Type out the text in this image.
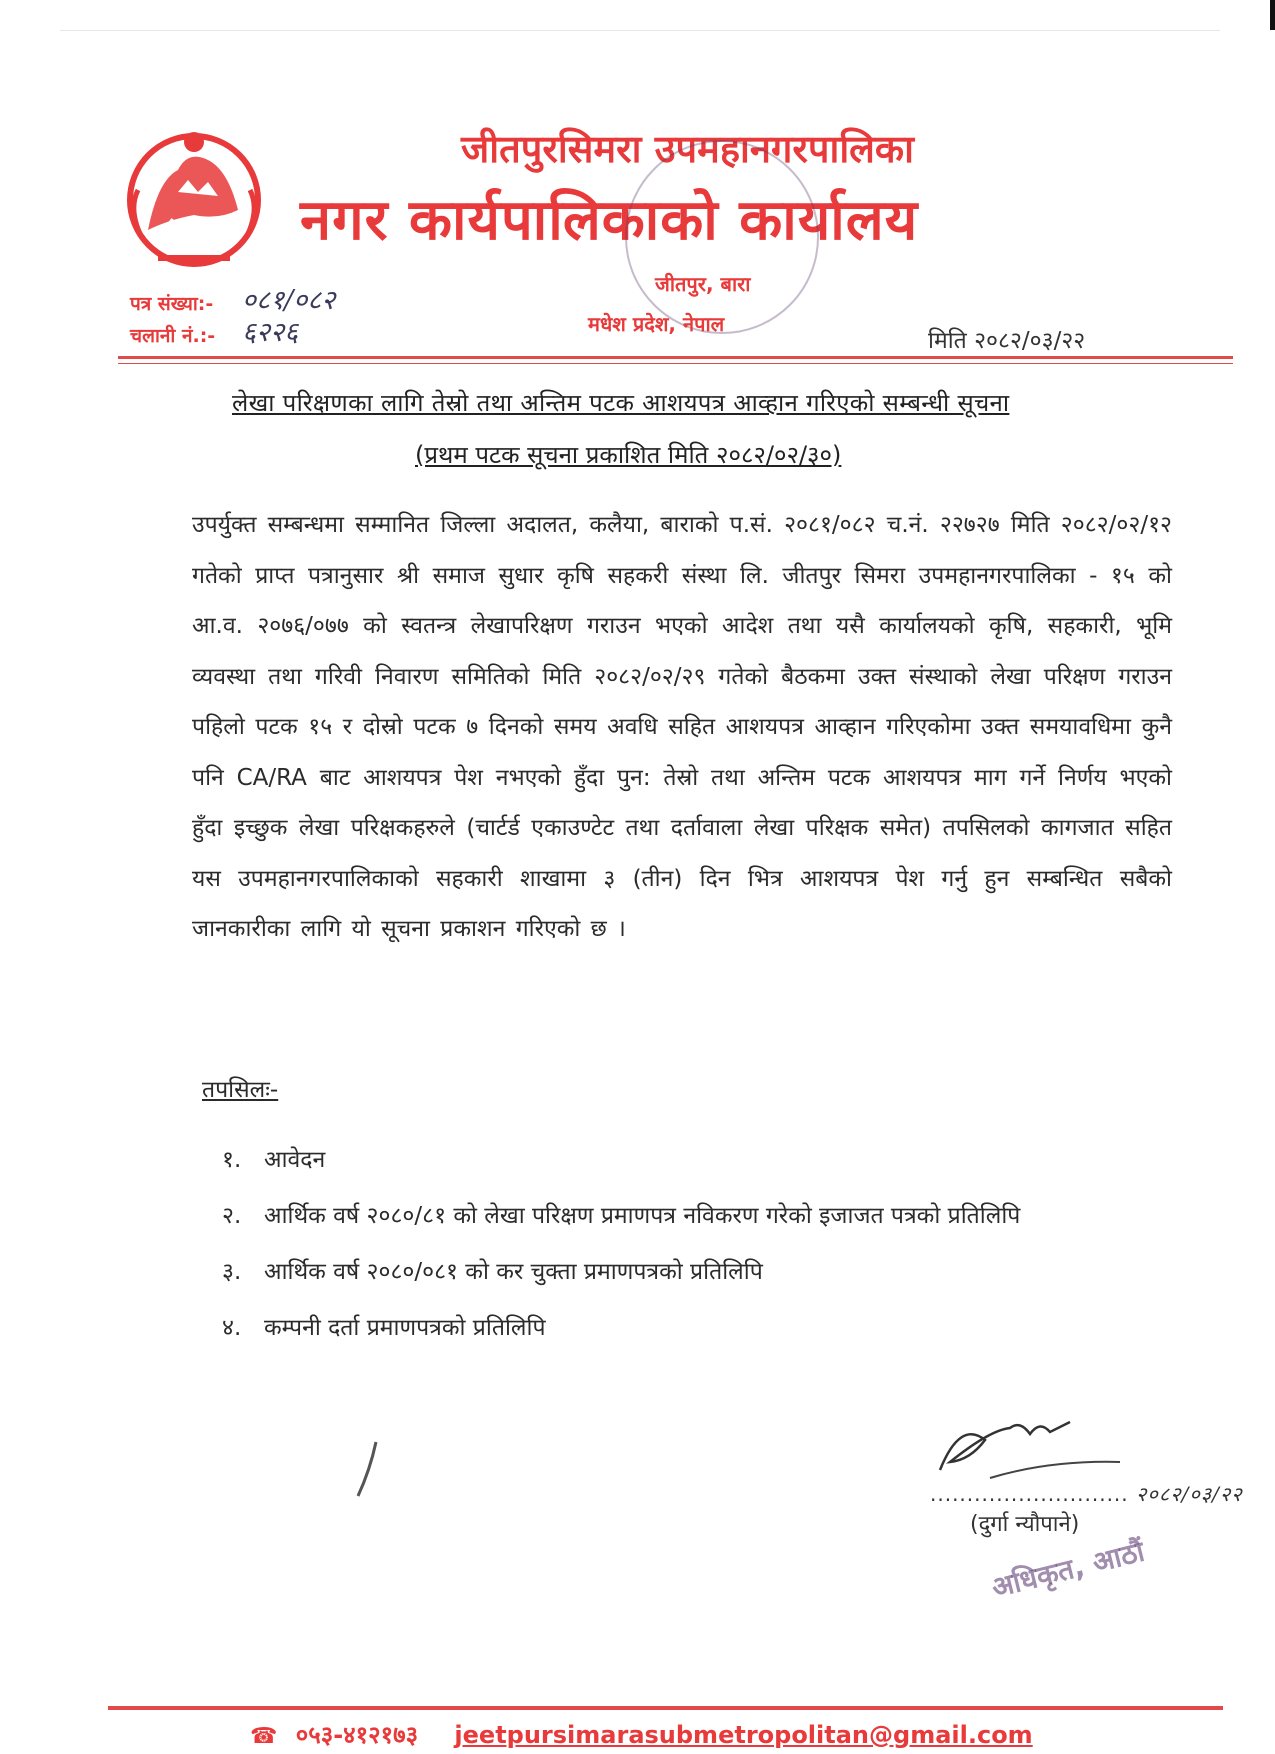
जीतपुरसिमरा उपमहानगरपालिका
नगर कार्यपालिकाको कार्यालय
जीतपुर, बारा
मधेश प्रदेश, नेपाल
पत्र संख्या:- ०८१/०८२
चलानी नं.:- ६२२६	मिति २०८२/०३/२२
लेखा परिक्षणका लागि तेस्रो तथा अन्तिम पटक आशयपत्र आव्हान गरिएको सम्बन्धी सूचना
(प्रथम पटक सूचना प्रकाशित मिति २०८२/०२/३०)
उपर्युक्त सम्बन्धमा सम्मानित जिल्ला अदालत, कलैया, बाराको प.सं. २०८१/०८२ च.नं. २२७२७ मिति २०८२/०२/१२ गतेको प्राप्त पत्रानुसार श्री समाज सुधार कृषि सहकरी संस्था लि. जीतपुर सिमरा उपमहानगरपालिका - १५ को आ.व. २०७६/०७७ को स्वतन्त्र लेखापरिक्षण गराउन भएको आदेश तथा यसै कार्यालयको कृषि, सहकारी, भूमि व्यवस्था तथा गरिवी निवारण समितिको मिति २०८२/०२/२९ गतेको बैठकमा उक्त संस्थाको लेखा परिक्षण गराउन पहिलो पटक १५ र दोस्रो पटक ७ दिनको समय अवधि सहित आशयपत्र आव्हान गरिएकोमा उक्त समयावधिमा कुनै पनि CA/RA बाट आशयपत्र पेश नभएको हुँदा पुन: तेस्रो तथा अन्तिम पटक आशयपत्र माग गर्ने निर्णय भएको हुँदा इच्छुक लेखा परिक्षकहरुले (चार्टर्ड एकाउण्टेट तथा दर्तावाला लेखा परिक्षक समेत) तपसिलको कागजात सहित यस उपमहानगरपालिकाको सहकारी शाखामा ३ (तीन) दिन भित्र आशयपत्र पेश गर्नु हुन सम्बन्धित सबैको जानकारीका लागि यो सूचना प्रकाशन गरिएको छ ।
तपसिलः-
१. आवेदन
२. आर्थिक वर्ष २०८०/८१ को लेखा परिक्षण प्रमाणपत्र नविकरण गरेको इजाजत पत्रको प्रतिलिपि
३. आर्थिक वर्ष २०८०/०८१ को कर चुक्ता प्रमाणपत्रको प्रतिलिपि
४. कम्पनी दर्ता प्रमाणपत्रको प्रतिलिपि
........................... २०८२/०३/२२
(दुर्गा न्यौपाने)
अधिकृत, आठौं
☎ ०५३-४१२१७३ jeetpursimarasubmetropolitan@gmail.com
